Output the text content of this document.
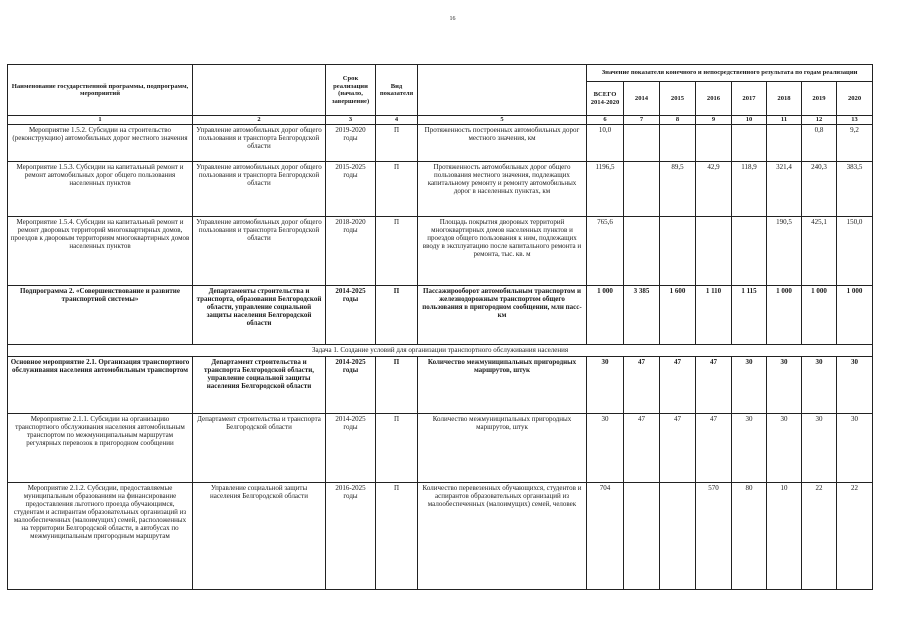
16
Наименование государственной программы, подпрограмм, мероприятий		Срок реализации (начало, завершение)	Вид показателя		Значение показателя конечного и непосредственного результата по годам реализации							
					ВСЕГО 2014-2020	2014	2015	2016	2017	2018	2019	2020
1	2	3	4	5	6	7	8	9	10	11	12	13
Мероприятие 1.5.2. Субсидии на строительство (реконструкцию) автомобильных дорог местного значения	Управление автомобильных дорог общего пользования и транспорта Белгородской области	2019-2020 годы	П	Протяженность построенных автомобильных дорог местного значения, км	10,0						0,8	9,2
Мероприятие 1.5.3. Субсидии на капитальный ремонт и ремонт автомобильных дорог общего пользования населенных пунктов	Управление автомобильных дорог общего пользования и транспорта Белгородской области	2015-2025 годы	П	Протяженность автомобильных дорог общего пользования местного значения, подлежащих капитальному ремонту и ремонту автомобильных дорог в населенных пунктах, км	1196,5		89,5	42,9	118,9	321,4	240,3	383,5
Мероприятие 1.5.4. Субсидии на капитальный ремонт и ремонт дворовых территорий многоквартирных домов, проездов к дворовым территориям многоквартирных домов населенных пунктов	Управление автомобильных дорог общего пользования и транспорта Белгородской области	2018-2020 годы	П	Площадь покрытия дворовых территорий многоквартирных домов населенных пунктов и проездов общего пользования к ним, подлежащих вводу в эксплуатацию после капитального ремонта и ремонта, тыс. кв. м	765,6					190,5	425,1	150,0
Подпрограмма 2. «Совершенствование и развитие транспортной системы»	Департаменты строительства и транспорта, образования Белгородской области, управление социальной защиты населения Белгородской области	2014-2025 годы	П	Пассажирооборот автомобильным транспортом и железнодорожным транспортом общего пользования в пригородном сообщении, млн пасс-км	1 000	3 385	1 600	1 110	1 115	1 000	1 000	1 000
Задача 1. Создание условий для организации транспортного обслуживания населения												
Основное мероприятие 2.1. Организация транспортного обслуживания населения автомобильным транспортом	Департамент строительства и транспорта Белгородской области, управление социальной защиты населения Белгородской области	2014-2025 годы	П	Количество межмуниципальных пригородных маршрутов, штук	30	47	47	47	30	30	30	30
Мероприятие 2.1.1. Субсидии на организацию транспортного обслуживания населения автомобильным транспортом по межмуниципальным маршрутам регулярных перевозок в пригородном сообщении	Департамент строительства и транспорта Белгородской области	2014-2025 годы	П	Количество межмуниципальных пригородных маршрутов, штук	30	47	47	47	30	30	30	30
Мероприятие 2.1.2. Субсидии, предоставляемые муниципальным образованиям на финансирование предоставления льготного проезда обучающимся, студентам и аспирантам образовательных организаций из малообеспеченных (малоимущих) семей, расположенных на территории Белгородской области, в автобусах по межмуниципальным пригородным маршрутам	Управление социальной защиты населения Белгородской области	2016-2025 годы	П	Количество перевезенных обучающихся, студентов и аспирантов образовательных организаций из малообеспеченных (малоимущих) семей, человек	704			570	80	10	22	22
